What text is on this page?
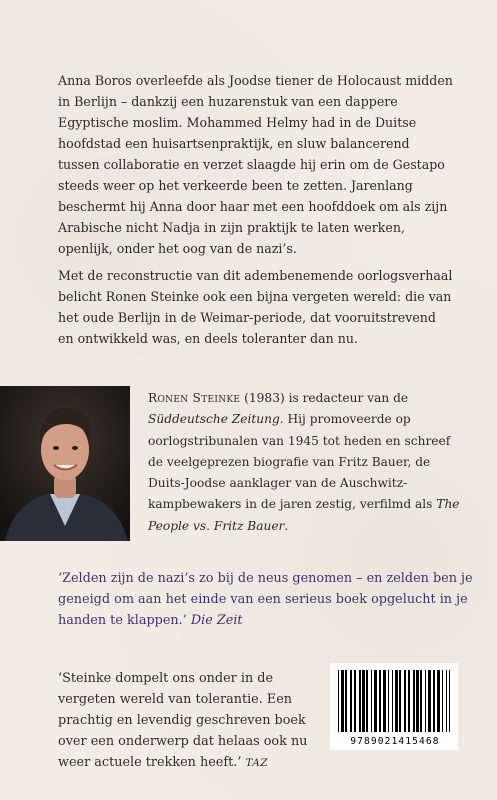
Anna Boros overleefde als Joodse tiener de Holocaust midden in Berlijn – dankzij een huzarenstuk van een dappere Egyptische moslim. Mohammed Helmy had in de Duitse hoofdstad een huisartsenpraktijk, en sluw balancerend tussen collaboratie en verzet slaagde hij erin om de Gestapo steeds weer op het verkeerde been te zetten. Jarenlang beschermt hij Anna door haar met een hoofddoek om als zijn Arabische nicht Nadja in zijn praktijk te laten werken, openlijk, onder het oog van de nazi’s.

Met de reconstructie van dit adembenemende oorlogsverhaal belicht Ronen Steinke ook een bijna vergeten wereld: die van het oude Berlijn in de Weimar-periode, dat vooruitstrevend en ontwikkeld was, en deels toleranter dan nu.

Ronen Steinke (1983) is redacteur van de Süddeutsche Zeitung. Hij promoveerde op oorlogstribunalen van 1945 tot heden en schreef de veelgeprezen biografie van Fritz Bauer, de Duits-Joodse aanklager van de Auschwitz-kampbewakers in de jaren zestig, verfilmd als The People vs. Fritz Bauer.

‘Zelden zijn de nazi’s zo bij de neus genomen – en zelden ben je geneigd om aan het einde van een serieus boek opgelucht in je handen te klappen.’ Die Zeit

‘Steinke dompelt ons onder in de vergeten wereld van tolerantie. Een prachtig en levendig geschreven boek over een onderwerp dat helaas ook nu weer actuele trekken heeft.’ TAZ

9789021415468
